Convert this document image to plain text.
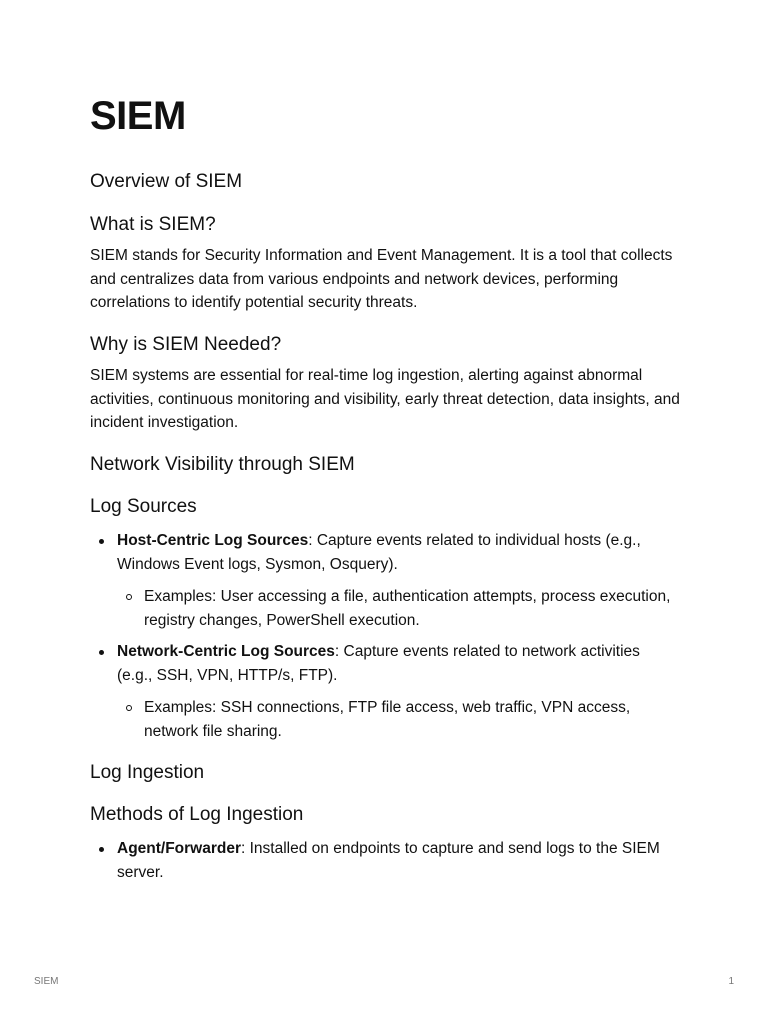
SIEM
Overview of SIEM
What is SIEM?

SIEM stands for Security Information and Event Management. It is a tool that collects and centralizes data from various endpoints and network devices, performing correlations to identify potential security threats.

Why is SIEM Needed?

SIEM systems are essential for real-time log ingestion, alerting against abnormal activities, continuous monitoring and visibility, early threat detection, data insights, and incident investigation.

Network Visibility through SIEM
Log Sources

Host-Centric Log Sources: Capture events related to individual hosts (e.g., Windows Event logs, Sysmon, Osquery).

Examples: User accessing a file, authentication attempts, process execution, registry changes, PowerShell execution.

Network-Centric Log Sources: Capture events related to network activities (e.g., SSH, VPN, HTTP/s, FTP).

Examples: SSH connections, FTP file access, web traffic, VPN access, network file sharing.

Log Ingestion
Methods of Log Ingestion

Agent/Forwarder: Installed on endpoints to capture and send logs to the SIEM server.

SIEM	1
